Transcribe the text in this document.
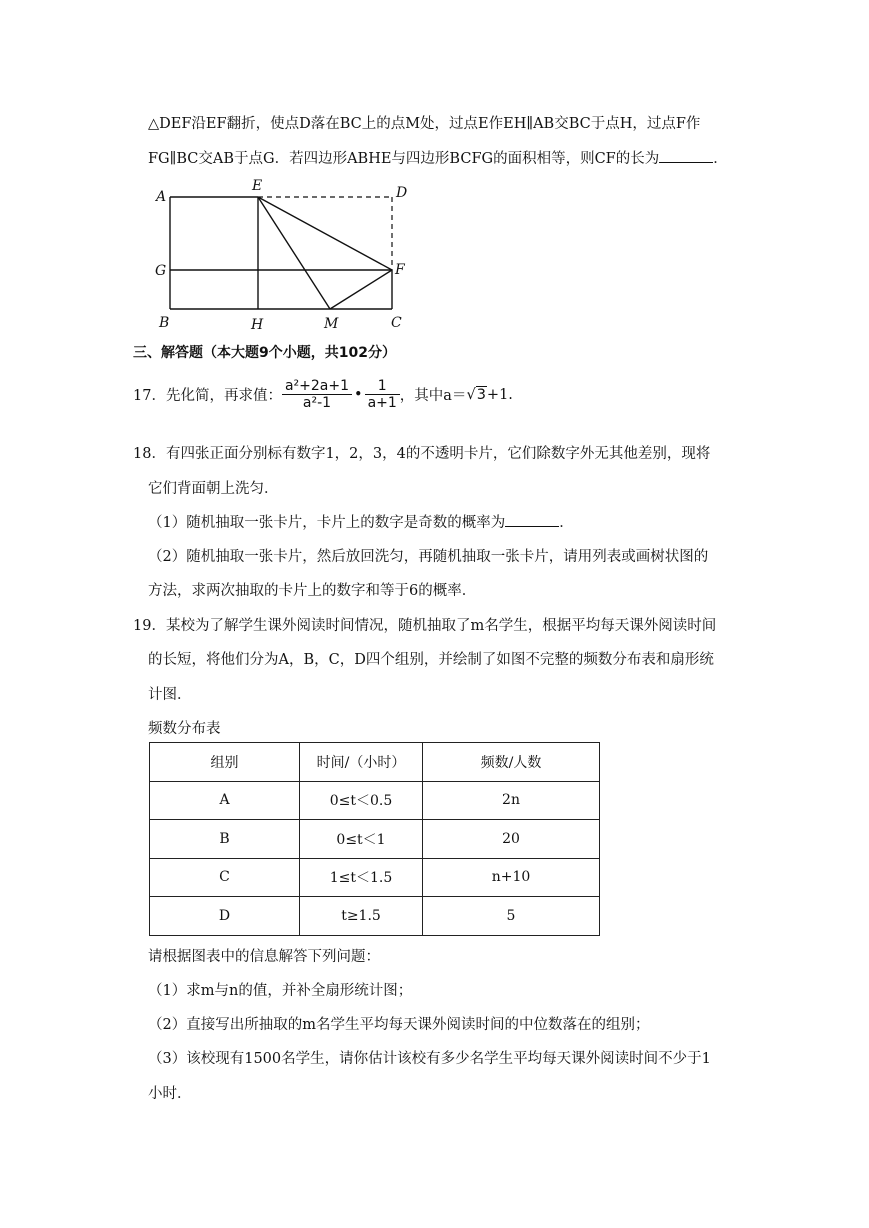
△DEF沿EF翻折，使点D落在BC上的点M处，过点E作EH∥AB交BC于点H，过点F作
FG∥BC交AB于点G．若四边形ABHE与四边形BCFG的面积相等，则CF的长为	．
A
E	D
G	F
B	H	M	C
三、解答题（本大题9个小题，共102分）
17．先化简，再求值： $\frac{\text{a²+2a+1}}{\text{a²-1}}$ • $\frac{1}{a+1}$ ，其中a＝ √3 +1.
18．有四张正面分别标有数字1，2，3，4的不透明卡片，它们除数字外无其他差别，现将
它们背面朝上洗匀．
（1）随机抽取一张卡片，卡片上的数字是奇数的概率为	．
（2）随机抽取一张卡片，然后放回洗匀，再随机抽取一张卡片，请用列表或画树状图的
方法，求两次抽取的卡片上的数字和等于6的概率．
19．某校为了解学生课外阅读时间情况，随机抽取了m名学生，根据平均每天课外阅读时间
的长短，将他们分为A，B，C，D四个组别，并绘制了如图不完整的频数分布表和扇形统
计图．
频数分布表
组别	时间/（小时）	频数/人数
A	0≤t＜0.5	2n
B	0≤t＜1	20
C	1≤t＜1.5	n+10
D	t≥1.5	5
请根据图表中的信息解答下列问题：
（1）求m与n的值，并补全扇形统计图；
（2）直接写出所抽取的m名学生平均每天课外阅读时间的中位数落在的组别；
（3）该校现有1500名学生，请你估计该校有多少名学生平均每天课外阅读时间不少于1
小时．
